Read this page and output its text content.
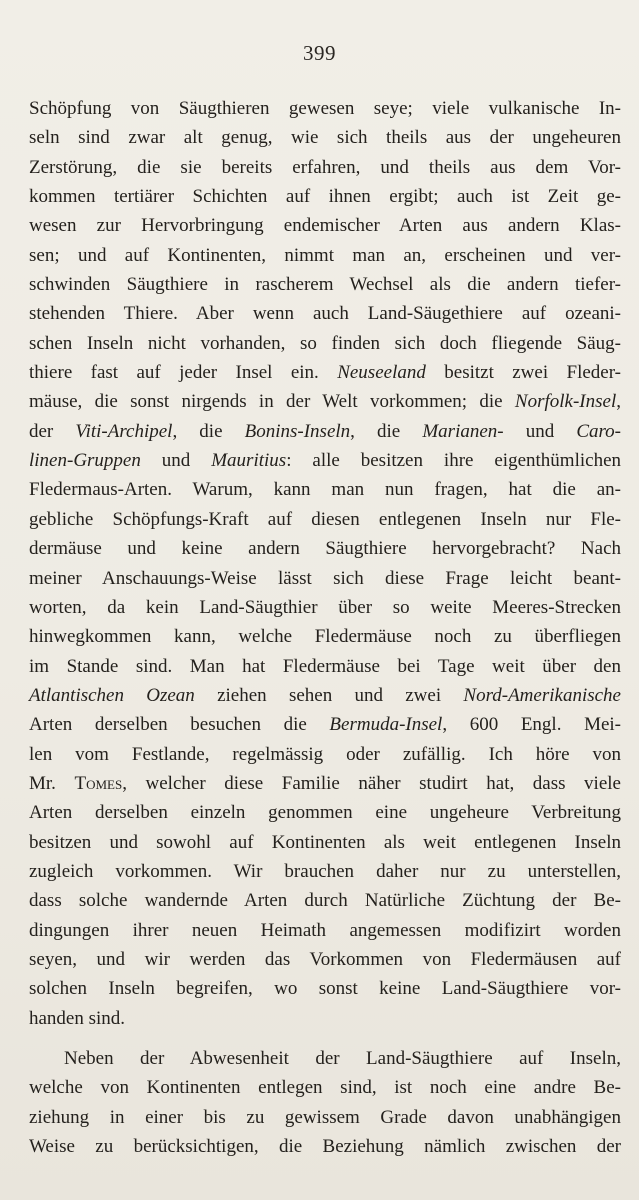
399
Schöpfung von Säugthieren gewesen seye; viele vulkanische In-
seln sind zwar alt genug, wie sich theils aus der ungeheuren
Zerstörung, die sie bereits erfahren, und theils aus dem Vor-
kommen tertiärer Schichten auf ihnen ergibt; auch ist Zeit ge-
wesen zur Hervorbringung endemischer Arten aus andern Klas-
sen; und auf Kontinenten, nimmt man an, erscheinen und ver-
schwinden Säugthiere in rascherem Wechsel als die andern tiefer-
stehenden Thiere. Aber wenn auch Land-Säugethiere auf ozeani-
schen Inseln nicht vorhanden, so finden sich doch fliegende Säug-
thiere fast auf jeder Insel ein. Neuseeland besitzt zwei Fleder-
mäuse, die sonst nirgends in der Welt vorkommen; die Norfolk-Insel,
der Viti-Archipel, die Bonins-Inseln, die Marianen- und Caro-
linen-Gruppen und Mauritius: alle besitzen ihre eigenthümlichen
Fledermaus-Arten. Warum, kann man nun fragen, hat die an-
gebliche Schöpfungs-Kraft auf diesen entlegenen Inseln nur Fle-
dermäuse und keine andern Säugthiere hervorgebracht? Nach
meiner Anschauungs-Weise lässt sich diese Frage leicht beant-
worten, da kein Land-Säugthier über so weite Meeres-Strecken
hinwegkommen kann, welche Fledermäuse noch zu überfliegen
im Stande sind. Man hat Fledermäuse bei Tage weit über den
Atlantischen Ozean ziehen sehen und zwei Nord-Amerikanische
Arten derselben besuchen die Bermuda-Insel, 600 Engl. Mei-
len vom Festlande, regelmässig oder zufällig. Ich höre von
Mr. Tomes, welcher diese Familie näher studirt hat, dass viele
Arten derselben einzeln genommen eine ungeheure Verbreitung
besitzen und sowohl auf Kontinenten als weit entlegenen Inseln
zugleich vorkommen. Wir brauchen daher nur zu unterstellen,
dass solche wandernde Arten durch Natürliche Züchtung der Be-
dingungen ihrer neuen Heimath angemessen modifizirt worden
seyen, und wir werden das Vorkommen von Fledermäusen auf
solchen Inseln begreifen, wo sonst keine Land-Säugthiere vor-
handen sind.
Neben der Abwesenheit der Land-Säugthiere auf Inseln,
welche von Kontinenten entlegen sind, ist noch eine andre Be-
ziehung in einer bis zu gewissem Grade davon unabhängigen
Weise zu berücksichtigen, die Beziehung nämlich zwischen der
